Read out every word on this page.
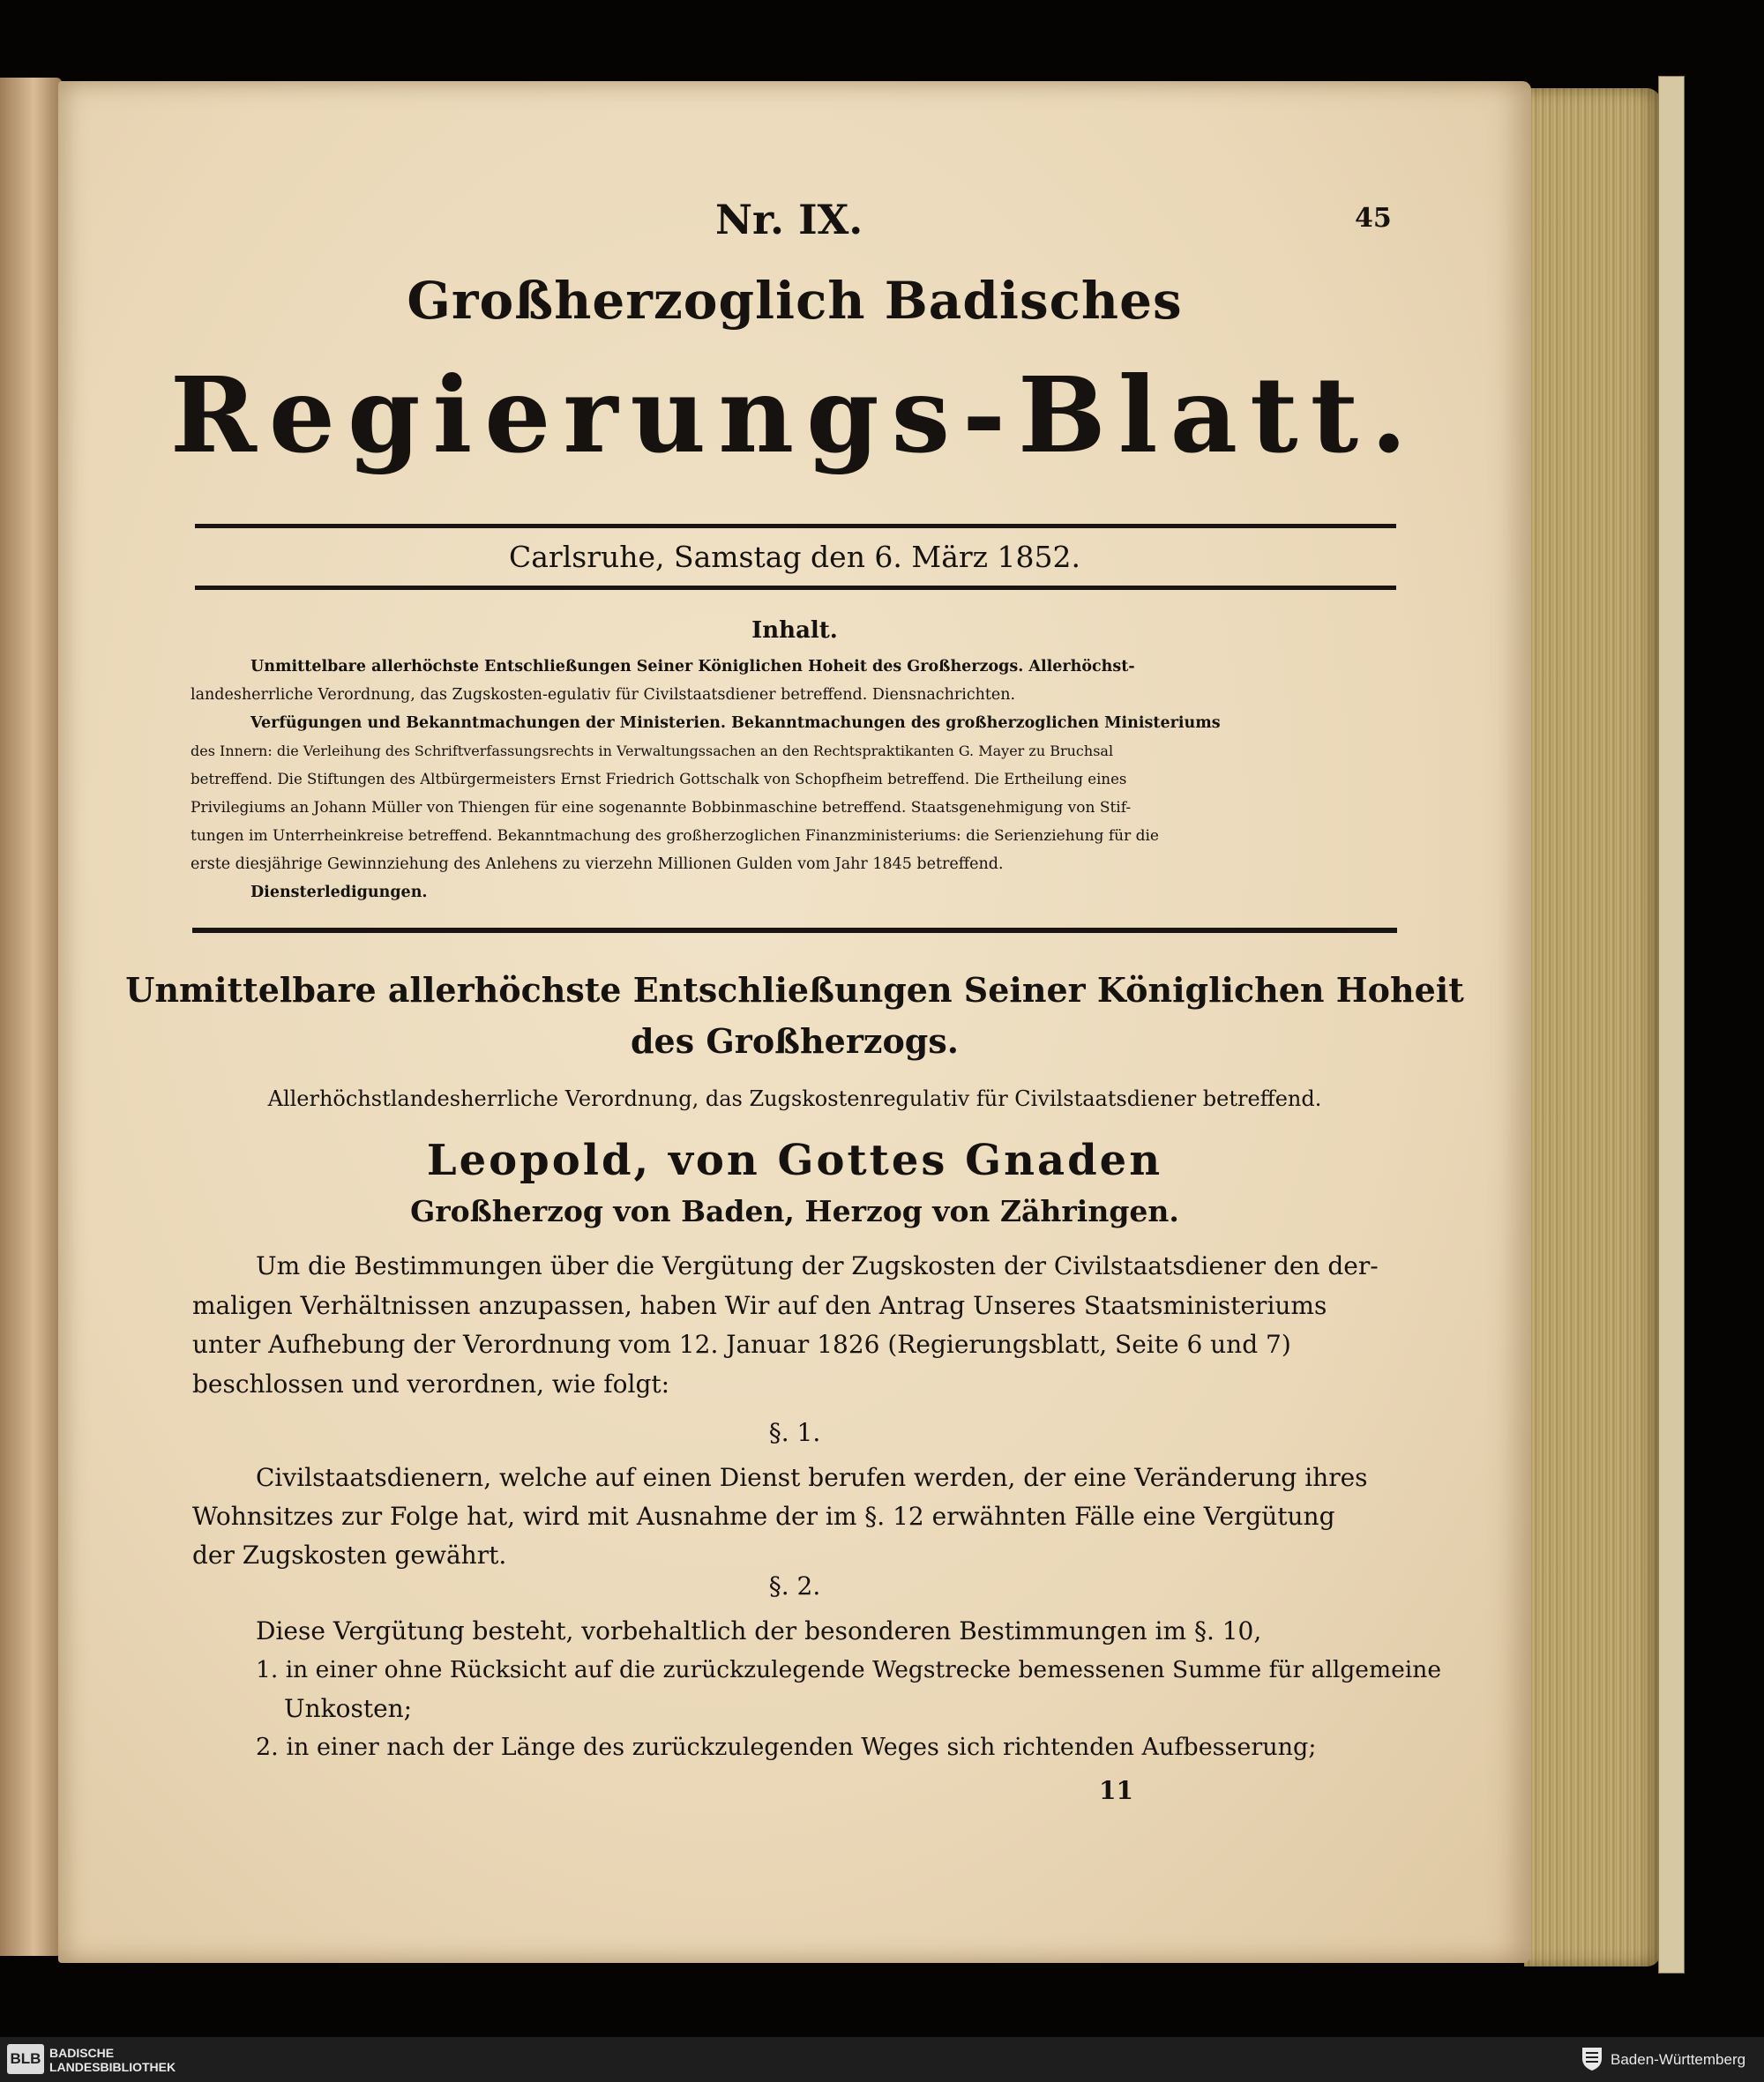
Nr. IX.	45
Großherzoglich Badisches
Regierungs-Blatt.
Carlsruhe, Samstag den 6. März 1852.
Inhalt.
Unmittelbare allerhöchste Entschließungen Seiner Königlichen Hoheit des Großherzogs. Allerhöchst-
landesherrliche Verordnung, das Zugskosten-egulativ für Civilstaatsdiener betreffend. Diensnachrichten.
Verfügungen und Bekanntmachungen der Ministerien. Bekanntmachungen des großherzoglichen Ministeriums
des Innern: die Verleihung des Schriftverfassungsrechts in Verwaltungssachen an den Rechtspraktikanten G. Mayer zu Bruchsal
betreffend. Die Stiftungen des Altbürgermeisters Ernst Friedrich Gottschalk von Schopfheim betreffend. Die Ertheilung eines
Privilegiums an Johann Müller von Thiengen für eine sogenannte Bobbinmaschine betreffend. Staatsgenehmigung von Stif-
tungen im Unterrheinkreise betreffend. Bekanntmachung des großherzoglichen Finanzministeriums: die Serienziehung für die
erste diesjährige Gewinnziehung des Anlehens zu vierzehn Millionen Gulden vom Jahr 1845 betreffend.
Diensterledigungen.
Unmittelbare allerhöchste Entschließungen Seiner Königlichen Hoheit
des Großherzogs.
Allerhöchstlandesherrliche Verordnung, das Zugskostenregulativ für Civilstaatsdiener betreffend.
Leopold, von Gottes Gnaden
Großherzog von Baden, Herzog von Zähringen.
Um die Bestimmungen über die Vergütung der Zugskosten der Civilstaatsdiener den der-
maligen Verhältnissen anzupassen, haben Wir auf den Antrag Unseres Staatsministeriums
unter Aufhebung der Verordnung vom 12. Januar 1826 (Regierungsblatt, Seite 6 und 7)
beschlossen und verordnen, wie folgt:
§. 1.
Civilstaatsdienern, welche auf einen Dienst berufen werden, der eine Veränderung ihres
Wohnsitzes zur Folge hat, wird mit Ausnahme der im §. 12 erwähnten Fälle eine Vergütung
der Zugskosten gewährt.
§. 2.
Diese Vergütung besteht, vorbehaltlich der besonderen Bestimmungen im §. 10,
1. in einer ohne Rücksicht auf die zurückzulegende Wegstrecke bemessenen Summe für allgemeine
Unkosten;
2. in einer nach der Länge des zurückzulegenden Weges sich richtenden Aufbesserung;
11
BLB BADISCHE
LANDESBIBLIOTHEK	Baden-Württemberg
